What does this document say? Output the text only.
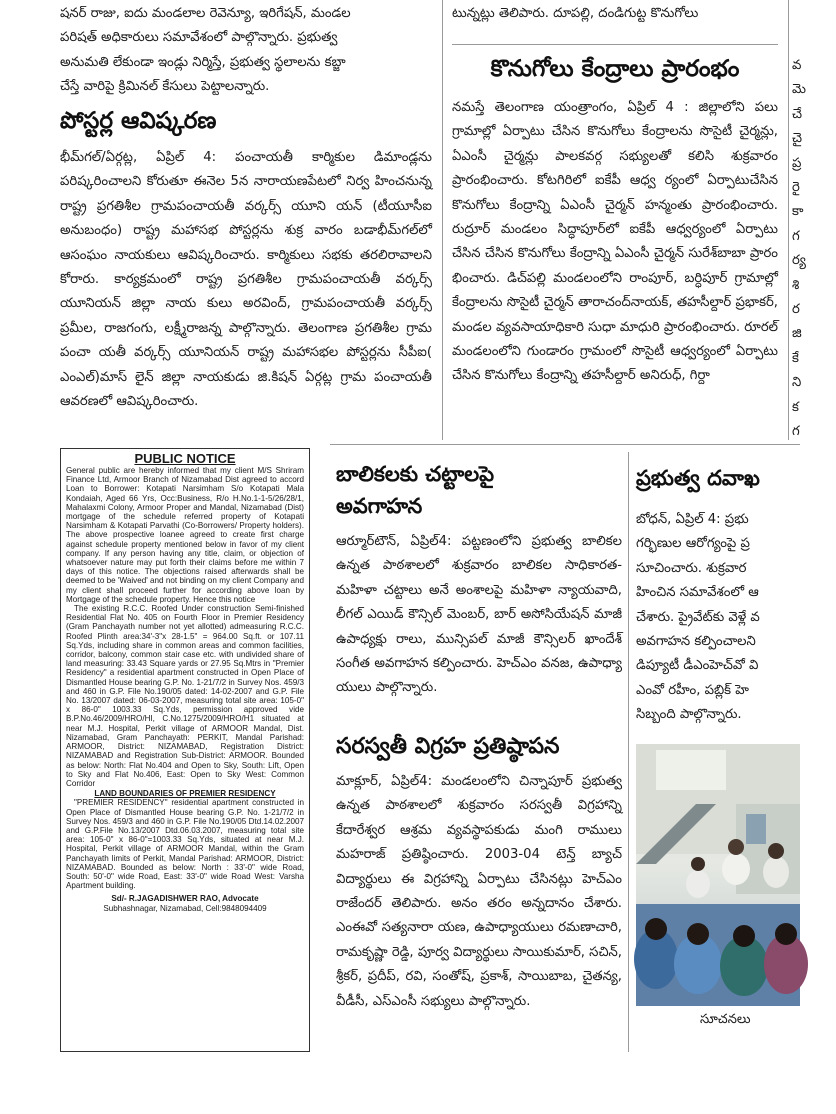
షనర్ రాజు, ఐదు మండలాల రెవెన్యూ, ఇరిగేషన్, మండల

పరిషత్ అధికారులు సమావేశంలో పాల్గొన్నారు. ప్రభుత్వ

అనుమతి లేకుండా ఇండ్లు నిర్మిస్తే, ప్రభుత్వ స్థలాలను కబ్జా

చేస్తే వారిపై క్రిమినల్ కేసులు పెట్టాలన్నారు.

పోస్టర్ల ఆవిష్కరణ

భీమ్‌గల్/ఏర్గట్ల, ఏప్రిల్ 4: పంచాయతీ కార్మికుల డిమాండ్లను పరిష్కరించాలని కోరుతూ ఈనెల 5న నారాయణపేటలో నిర్వ హించనున్న రాష్ట్ర ప్రగతిశీల గ్రామపంచాయతీ వర్కర్స్ యూని యన్ (టీయూసీఐ అనుబంధం) రాష్ట్ర మహాసభ పోస్టర్లను శుక్ర వారం బడాభీమ్‌గల్‌లో ఆసంఘం నాయకులు ఆవిష్కరించారు. కార్మికులు సభకు తరలిరావాలని కోరారు. కార్యక్రమంలో రాష్ట్ర ప్రగతిశీల గ్రామపంచాయతీ వర్కర్స్ యూనియన్ జిల్లా నాయ కులు అరవింద్, గ్రామపంచాయతీ వర్కర్స్ ప్రమీల, రాజగంగు, లక్ష్మీరాజన్న పాల్గొన్నారు. తెలంగాణ ప్రగతిశీల గ్రామ పంచా యతీ వర్కర్స్ యూనియన్ రాష్ట్ర మహాసభల పోస్టర్లను సీపీఐ( ఎంఎల్)మాస్ లైన్ జిల్లా నాయకుడు జి.కిషన్ ఏర్గట్ల గ్రామ పంచాయతీ ఆవరణలో ఆవిష్కరించారు.

టున్నట్లు తెలిపారు. దూపల్లి, దండిగుట్ట కొనుగోలు

కొనుగోలు కేంద్రాలు ప్రారంభం

నమస్తే తెలంగాణ యంత్రాంగం, ఏప్రిల్ 4 : జిల్లాలోని పలు గ్రామాల్లో ఏర్పాటు చేసిన కొనుగోలు కేంద్రాలను సొసైటీ చైర్మన్లు, ఏఎంసీ చైర్మన్లు పాలకవర్గ సభ్యులతో కలిసి శుక్రవారం ప్రారంభించారు. కోటగిరిలో ఐకేపీ ఆధ్వ ర్యంలో ఏర్పాటుచేసిన కొనుగోలు కేంద్రాన్ని ఏఎంసీ చైర్మన్ హన్మంతు ప్రారంభించారు. రుద్రూర్ మండలం సిద్ధాపూర్‌లో ఐకేపీ ఆధ్వర్యంలో ఏర్పాటు చేసిన చేసిన కొనుగోలు కేంద్రాన్ని ఏఎంసీ చైర్మన్ సురేశ్‌బాబా ప్రారం భించారు. డిచ్‌పల్లి మండలంలోని రాంపూర్, బర్ధిపూర్ గ్రామాల్లో కేంద్రాలను సొసైటీ చైర్మన్ తారాచంద్‌నాయక్, తహసీల్దార్ ప్రభాకర్, మండల వ్యవసాయాధికారి సుధా మాధురి ప్రారంభించారు. రూరల్ మండలంలోని గుండారం గ్రామంలో సొసైటీ ఆధ్వర్యంలో ఏర్పాటు చేసిన కొనుగోలు కేంద్రాన్ని తహసీల్దార్ అనిరుధ్, గిర్దా

వ
మె
చే
చై
ప్ర
రై
కా
గ
ర్య
శి
ర
జి
కే
ని
క
గ
PUBLIC NOTICE

General public are hereby informed that my client M/S Shriram Finance Ltd, Armoor Branch of Nizamabad Dist agreed to accord Loan to Borrower: Kotapati Narsimham S/o Kotapati Mala Kondaiah, Aged 66 Yrs, Occ:Business, R/o H.No.1-1-5/26/28/1, Mahalaxmi Colony, Armoor Proper and Mandal, Nizamabad (Dist) mortgage of the schedule referred property of Kotapati Narsimham & Kotapati Parvathi (Co-Borrowers/ Property holders). The above prospective loanee agreed to create first charge against schedule property mentioned below in favor of my client company. If any person having any title, claim, or objection of whatsoever nature may put forth their claims before me within 7 days of this notice. The objections raised afterwards shall be deemed to be 'Waived' and not binding on my client Company and my client shall proceed further for according above loan by Mortgage of the schedule property. Hence this notice

The existing R.C.C. Roofed Under construction Semi-finished Residential Flat No. 405 on Fourth Floor in Premier Residency (Gram Panchayath number not yet allotted) admeasuring R.C.C. Roofed Plinth area:34'-3"x 28-1.5" = 964.00 Sq.ft. or 107.11 Sq.Yds, including share in common areas and common facilities, corridor, balcony, common stair case etc. with undivided share of land measuring: 33.43 Square yards or 27.95 Sq.Mtrs in "Premier Residency" a residential apartment constructed in Open Place of Dismantled House bearing G.P. No. 1-21/7/2 in Survey Nos. 459/3 and 460 in G.P. File No.190/05 dated: 14-02-2007 and G.P. File No. 13/2007 dated: 06-03-2007, measuring total site area: 105-0" x 86-0" 1003.33 Sq.Yds, permission approved vide B.P.No.46/2009/HRO/HI, C.No.1275/2009/HRO/H1 situated at near M.J. Hospital, Perkit village of ARMOOR Mandal, Dist. Nizamabad, Gram Panchayath: PERKIT, Mandal Parishad: ARMOOR, District: NIZAMABAD, Registration District: NIZAMABAD and Registration Sub-District: ARMOOR. Bounded as below: North: Flat No.404 and Open to Sky, South: Lift, Open to Sky and Flat No.406, East: Open to Sky West: Common Corridor

LAND BOUNDARIES OF PREMIER RESIDENCY

"PREMIER RESIDENCY" residential apartment constructed in Open Place of Dismantled House bearing G.P. No. 1-21/7/2 in Survey Nos. 459/3 and 460 in G.P. File No.190/05 Dtd.14.02.2007 and G.P.File No.13/2007 Dtd.06.03.2007, measuring total site area: 105-0" x 86-0"=1003.33 Sq.Yds, situated at near M.J. Hospital, Perkit village of ARMOOR Mandal, within the Gram Panchayath limits of Perkit, Mandal Parishad: ARMOOR, District: NIZAMABAD. Bounded as below: North : 33'-0" wide Road, South: 50'-0" wide Road, East: 33'-0" wide Road West: Varsha Apartment building.

Sd/- R.JAGADISHWER RAO, Advocate

Subhashnagar, Nizamabad, Cell:9848094409

బాలికలకు చట్టాలపై అవగాహన

ఆర్మూర్‌టౌన్, ఏప్రిల్4: పట్టణంలోని ప్రభుత్వ బాలికల ఉన్నత పాఠశాలలో శుక్రవారం బాలికల సాధికారత-మహిళా చట్టాలు అనే అంశాలపై మహిళా న్యాయవాది, లీగల్ ఎయిడ్ కౌన్సిల్ మెంబర్, బార్ అసోసియేషన్ మాజీ ఉపాధ్యక్షు రాలు, మున్సిపల్ మాజీ కౌన్సిలర్ ఖాందేశ్ సంగీత అవగాహన కల్పించారు. హెచ్‌ఎం వనజ, ఉపాధ్యా యులు పాల్గొన్నారు.

సరస్వతీ విగ్రహ ప్రతిష్ఠాపన

మాక్లూర్, ఏప్రిల్4: మండలంలోని చిన్నాపూర్ ప్రభుత్వ ఉన్నత పాఠశాలలో శుక్రవారం సరస్వతీ విగ్రహాన్ని కేదారేశ్వర ఆశ్రమ వ్యవస్థాపకుడు మంగి రాములు మహరాజ్ ప్రతిష్ఠించారు. 2003-04 టెన్త్ బ్యాచ్ విద్యార్థులు ఈ విగ్రహాన్ని ఏర్పాటు చేసినట్లు హెచ్‌ఎం రాజేందర్ తెలిపారు. అనం తరం అన్నదానం చేశారు. ఎంఈవో సత్యనారా యణ, ఉపాధ్యాయులు రమణాచారి, రామకృష్ణా రెడ్డి, పూర్వ విద్యార్థులు సాయికుమార్, సచిన్, శ్రీకర్, ప్రదీప్, రవి, సంతోష్, ప్రకాశ్, సాయిబాబ, చైతన్య, వీడీసీ, ఎస్‌ఎంసీ సభ్యులు పాల్గొన్నారు.

ప్రభుత్వ దవాఖ

బోధన్, ఏప్రిల్ 4: ప్రభు

గర్భిణుల ఆరోగ్యంపై ప్ర

సూచించారు. శుక్రవార

హించిన సమావేశంలో ఆ

చేశారు. ప్రైవేట్‌కు వెళ్లే వ

అవగాహన కల్పించాలని

డిప్యూటీ డీఎంహెచ్‌వో వి

ఎంవో రహీం, పబ్లిక్ హె

సిబ్బంది పాల్గొన్నారు.

సూచనలు
